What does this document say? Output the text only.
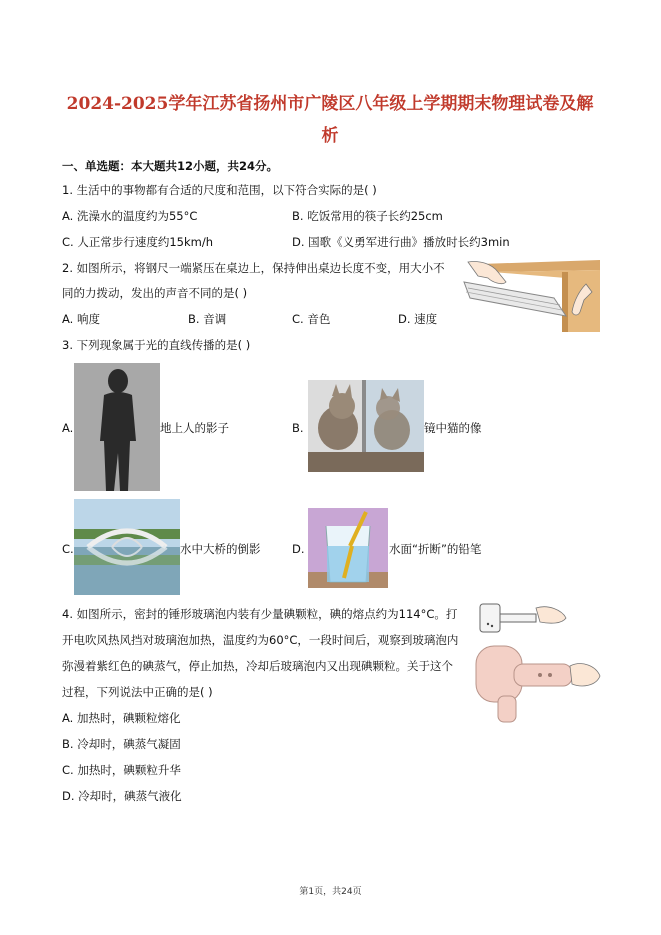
2024-2025学年江苏省扬州市广陵区八年级上学期期末物理试卷及解
析
一、单选题：本大题共12小题，共24分。
1. 生活中的事物都有合适的尺度和范围，以下符合实际的是( )
A. 洗澡水的温度约为55°C	B. 吃饭常用的筷子长约25cm
C. 人正常步行速度约15km/h	D. 国歌《义勇军进行曲》播放时长约3min
2. 如图所示，将钢尺一端紧压在桌边上，保持伸出桌边长度不变，用大小不
同的力拨动，发出的声音不同的是( )
A. 响度	B. 音调	C. 音色	D. 速度
3. 下列现象属于光的直线传播的是( )
A.	地上人的影子	B.	镜中猫的像
C.	水中大桥的倒影	D.	水面“折断”的铅笔
4. 如图所示，密封的锤形玻璃泡内装有少量碘颗粒，碘的熔点约为114°C。打
开电吹风热风挡对玻璃泡加热，温度约为60°C，一段时间后，观察到玻璃泡内
弥漫着紫红色的碘蒸气，停止加热，冷却后玻璃泡内又出现碘颗粒。关于这个
过程，下列说法中正确的是( )
A. 加热时，碘颗粒熔化
B. 冷却时，碘蒸气凝固
C. 加热时，碘颗粒升华
D. 冷却时，碘蒸气液化
第1页，共24页
